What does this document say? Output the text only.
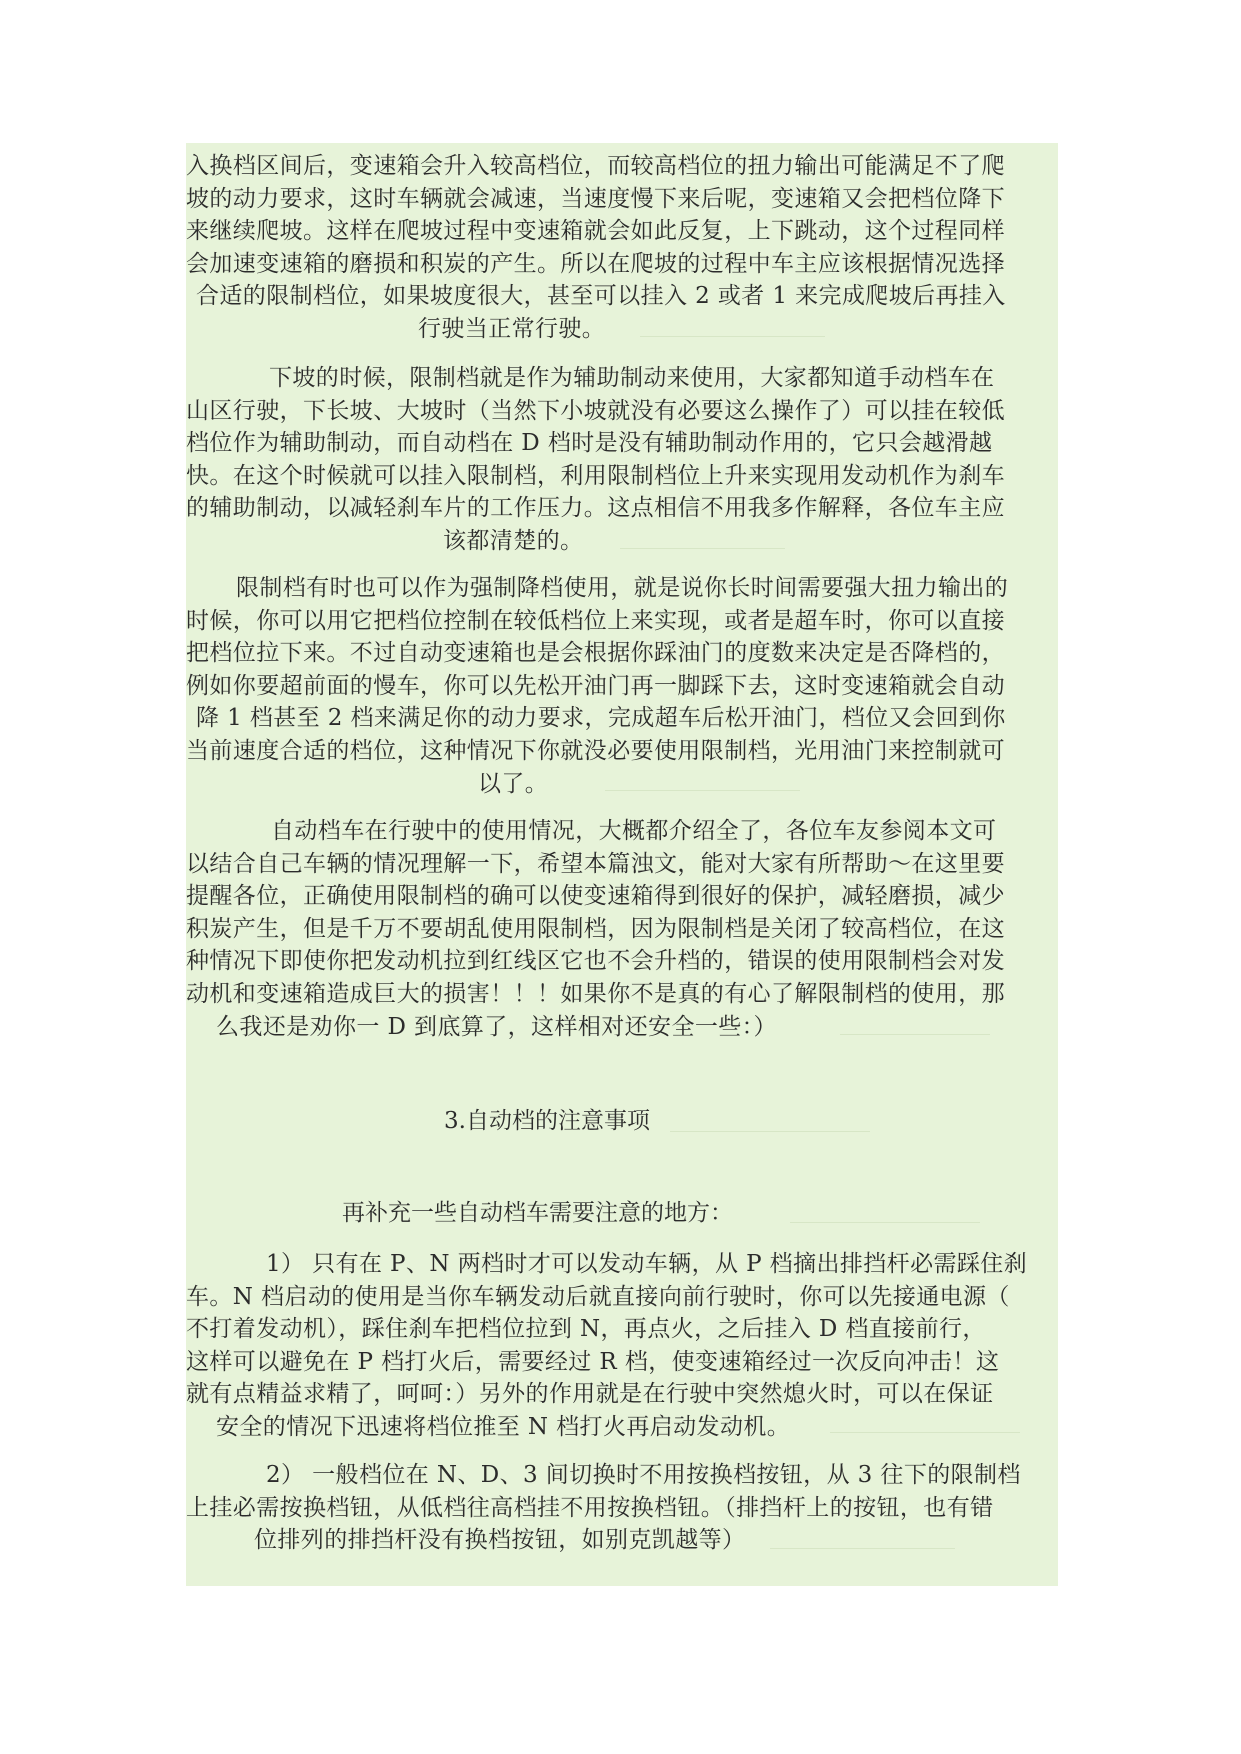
入换档区间后，变速箱会升入较高档位，而较高档位的扭力输出可能满足不了爬
坡的动力要求，这时车辆就会减速，当速度慢下来后呢，变速箱又会把档位降下
来继续爬坡。这样在爬坡过程中变速箱就会如此反复，上下跳动，这个过程同样
会加速变速箱的磨损和积炭的产生。所以在爬坡的过程中车主应该根据情况选择
合适的限制档位，如果坡度很大，甚至可以挂入 2 或者 1 来完成爬坡后再挂入
行驶当正常行驶。
下坡的时候，限制档就是作为辅助制动来使用，大家都知道手动档车在
山区行驶，下长坡、大坡时（当然下小坡就没有必要这么操作了）可以挂在较低
档位作为辅助制动，而自动档在 D 档时是没有辅助制动作用的，它只会越滑越
快。在这个时候就可以挂入限制档，利用限制档位上升来实现用发动机作为刹车
的辅助制动，以减轻刹车片的工作压力。这点相信不用我多作解释，各位车主应
该都清楚的。
限制档有时也可以作为强制降档使用，就是说你长时间需要强大扭力输出的
时候，你可以用它把档位控制在较低档位上来实现，或者是超车时，你可以直接
把档位拉下来。不过自动变速箱也是会根据你踩油门的度数来决定是否降档的，
例如你要超前面的慢车，你可以先松开油门再一脚踩下去，这时变速箱就会自动
降 1 档甚至 2 档来满足你的动力要求，完成超车后松开油门，档位又会回到你
当前速度合适的档位，这种情况下你就没必要使用限制档，光用油门来控制就可
以了。
自动档车在行驶中的使用情况，大概都介绍全了，各位车友参阅本文可
以结合自己车辆的情况理解一下，希望本篇浊文，能对大家有所帮助～在这里要
提醒各位，正确使用限制档的确可以使变速箱得到很好的保护，减轻磨损，减少
积炭产生，但是千万不要胡乱使用限制档，因为限制档是关闭了较高档位，在这
种情况下即使你把发动机拉到红线区它也不会升档的，错误的使用限制档会对发
动机和变速箱造成巨大的损害！！！如果你不是真的有心了解限制档的使用，那
么我还是劝你一 D 到底算了，这样相对还安全一些：）
3.自动档的注意事项
再补充一些自动档车需要注意的地方：
1） 只有在 P、N 两档时才可以发动车辆，从 P 档摘出排挡杆必需踩住刹
车。N 档启动的使用是当你车辆发动后就直接向前行驶时，你可以先接通电源（
不打着发动机），踩住刹车把档位拉到 N，再点火，之后挂入 D 档直接前行，
这样可以避免在 P 档打火后，需要经过 R 档，使变速箱经过一次反向冲击！这
就有点精益求精了，呵呵：）另外的作用就是在行驶中突然熄火时，可以在保证
安全的情况下迅速将档位推至 N 档打火再启动发动机。
2） 一般档位在 N、D、3 间切换时不用按换档按钮，从 3 往下的限制档
上挂必需按换档钮，从低档往高档挂不用按换档钮。（排挡杆上的按钮，也有错
位排列的排挡杆没有换档按钮，如别克凯越等）
